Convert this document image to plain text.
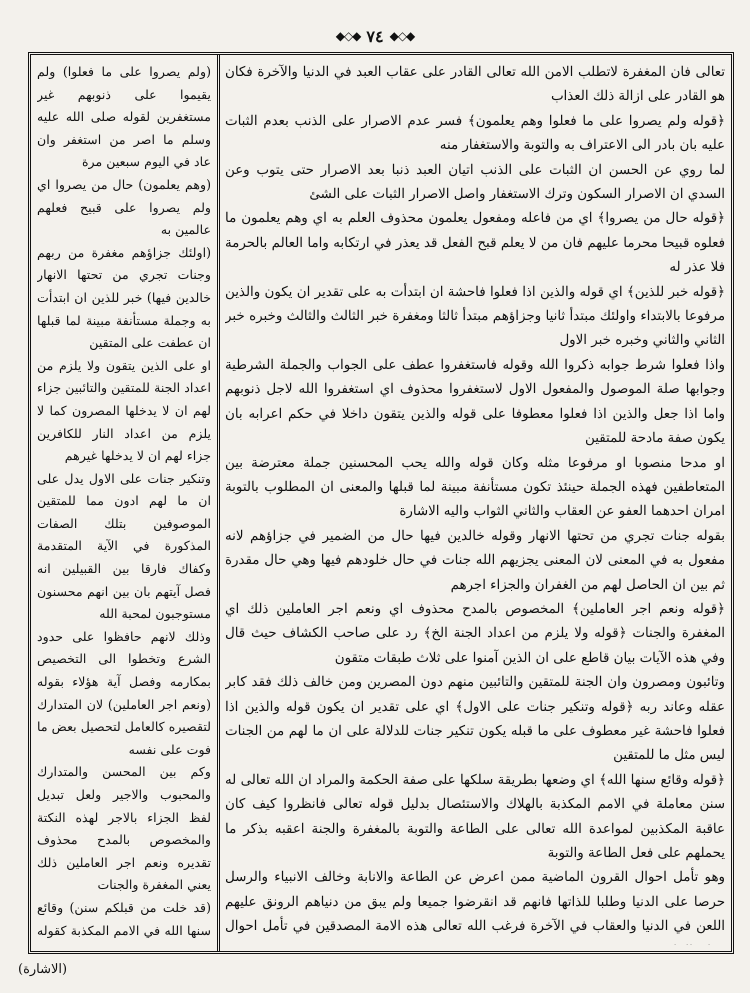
◆◇◆ ٧٤ ◆◇◆

تعالى فان المغفرة لاتطلب الامن الله تعالى القادر على عقاب العبد في الدنيا والآخرة فكان هو القادر على ازالة ذلك العذاب

﴿قوله ولم يصروا على ما فعلوا وهم يعلمون﴾ فسر عدم الاصرار على الذنب بعدم الثبات عليه بان بادر الى الاعتراف به والتوبة والاستغفار منه

لما روي عن الحسن ان الثبات على الذنب اتيان العبد ذنبا بعد الاصرار حتى يتوب وعن السدي ان الاصرار السكون وترك الاستغفار واصل الاصرار الثبات على الشئ

﴿قوله حال من يصروا﴾ اي من فاعله ومفعول يعلمون محذوف العلم به اي وهم يعلمون ما فعلوه قبيحا محرما عليهم فان من لا يعلم قبح الفعل قد يعذر في ارتكابه واما العالم بالحرمة فلا عذر له

﴿قوله خبر للذين﴾ اي قوله والذين اذا فعلوا فاحشة ان ابتدأت به على تقدير ان يكون والذين مرفوعا بالابتداء واولئك مبتدأ ثانيا وجزاؤهم مبتدأ ثالثا ومغفرة خبر الثالث والثالث وخبره خبر الثاني والثاني وخبره خبر الاول

واذا فعلوا شرط جوابه ذكروا الله وقوله فاستغفروا عطف على الجواب والجملة الشرطية وجوابها صلة الموصول والمفعول الاول لاستغفروا محذوف اي استغفروا الله لاجل ذنوبهم واما اذا جعل والذين اذا فعلوا معطوفا على قوله والذين يتقون داخلا في حكم اعرابه بان يكون صفة مادحة للمتقين

او مدحا منصوبا او مرفوعا مثله وكان قوله والله يحب المحسنين جملة معترضة بين المتعاطفين فهذه الجملة حينئذ تكون مستأنفة مبينة لما قبلها والمعنى ان المطلوب بالتوبة امران احدهما العفو عن العقاب والثاني الثواب واليه الاشارة

بقوله جنات تجري من تحتها الانهار وقوله خالدين فيها حال من الضمير في جزاؤهم لانه مفعول به في المعنى لان المعنى يجزيهم الله جنات في حال خلودهم فيها وهي حال مقدرة ثم بين ان الحاصل لهم من الغفران والجزاء اجرهم

﴿قوله ونعم اجر العاملين﴾ المخصوص بالمدح محذوف اي ونعم اجر العاملين ذلك اي المغفرة والجنات ﴿قوله ولا يلزم من اعداد الجنة الخ﴾ رد على صاحب الكشاف حيث قال وفي هذه الآيات بيان قاطع على ان الذين آمنوا على ثلاث طبقات متقون

وتائبون ومصرون وان الجنة للمتقين والتائبين منهم دون المصرين ومن خالف ذلك فقد كابر عقله وعاند ربه ﴿قوله وتنكير جنات على الاول﴾ اي على تقدير ان يكون قوله والذين اذا فعلوا فاحشة غير معطوف على ما قبله يكون تنكير جنات للدلالة على ان ما لهم من الجنات ليس مثل ما للمتقين

﴿قوله وقائع سنها الله﴾ اي وضعها بطريقة سلكها على صفة الحكمة والمراد ان الله تعالى له سنن معاملة في الامم المكذبة بالهلاك والاستئصال بدليل قوله تعالى فانظروا كيف كان عاقبة المكذبين لمواعدة الله تعالى على الطاعة والتوبة بالمغفرة والجنة اعقبه بذكر ما يحملهم على فعل الطاعة والتوبة

وهو تأمل احوال القرون الماضية ممن اعرض عن الطاعة والانابة وخالف الانبياء والرسل حرصا على الدنيا وطلبا للذاتها فانهم قد انقرضوا جميعا ولم يبق من دنياهم الرونق عليهم اللعن في الدنيا والعقاب في الآخرة فرغب الله تعالى هذه الامة المصدقين في تأمل احوال

(ولم يصروا على ما فعلوا) ولم يقيموا على ذنوبهم غير مستغفرين لقوله صلى الله عليه وسلم ما اصر من استغفر وان عاد في اليوم سبعين مرة

(وهم يعلمون) حال من يصروا اي ولم يصروا على قبيح فعلهم عالمين به

(اولئك جزاؤهم مغفرة من ربهم وجنات تجري من تحتها الانهار خالدين فيها) خبر للذين ان ابتدأت به وجملة مستأنفة مبينة لما قبلها ان عطفت على المتقين

او على الذين يتقون ولا يلزم من اعداد الجنة للمتقين والتائبين جزاء لهم ان لا يدخلها المصرون كما لا يلزم من اعداد النار للكافرين جزاء لهم ان لا يدخلها غيرهم

وتنكير جنات على الاول يدل على ان ما لهم ادون مما للمتقين الموصوفين بتلك الصفات المذكورة في الآية المتقدمة وكفاك فارقا بين القبيلين انه فصل آيتهم بان بين انهم محسنون مستوجبون لمحبة الله

وذلك لانهم حافظوا على حدود الشرع وتخطوا الى التخصيص بمكارمه وفصل آية هؤلاء بقوله (ونعم اجر العاملين) لان المتدارك لتقصيره كالعامل لتحصيل بعض ما فوت على نفسه

وكم بين المحسن والمتدارك والمحبوب والاجير ولعل تبديل لفظ الجزاء بالاجر لهذه النكتة والمخصوص بالمدح محذوف تقديره ونعم اجر العاملين ذلك يعني المغفرة والجنات

(قد خلت من قبلكم سنن) وقائع سنها الله في الامم المكذبة كقوله

(الاشارة)
